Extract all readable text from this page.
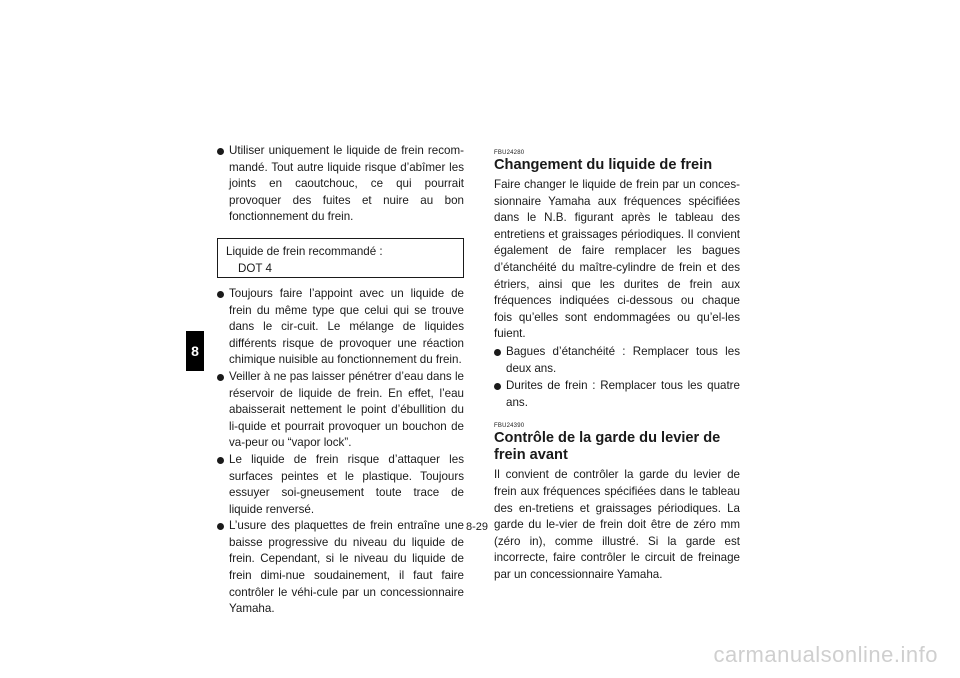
8
Utiliser uniquement le liquide de frein recom-mandé. Tout autre liquide risque d’abîmer les joints en caoutchouc, ce qui pourrait provoquer des fuites et nuire au bon fonctionnement du frein.
Liquide de frein recommandé :
DOT 4
Toujours faire l’appoint avec un liquide de frein du même type que celui qui se trouve dans le cir-cuit. Le mélange de liquides différents risque de provoquer une réaction chimique nuisible au fonctionnement du frein.
Veiller à ne pas laisser pénétrer d’eau dans le réservoir de liquide de frein. En effet, l’eau abaisserait nettement le point d’ébullition du li-quide et pourrait provoquer un bouchon de va-peur ou “vapor lock”.
Le liquide de frein risque d’attaquer les surfaces peintes et le plastique. Toujours essuyer soi-gneusement toute trace de liquide renversé.
L’usure des plaquettes de frein entraîne une baisse progressive du niveau du liquide de frein. Cependant, si le niveau du liquide de frein dimi-nue soudainement, il faut faire contrôler le véhi-cule par un concessionnaire Yamaha.
FBU24280
Changement du liquide de frein
Faire changer le liquide de frein par un conces-sionnaire Yamaha aux fréquences spécifiées dans le N.B. figurant après le tableau des entretiens et graissages périodiques. Il convient également de faire remplacer les bagues d’étanchéité du maître-cylindre de frein et des étriers, ainsi que les durites de frein aux fréquences indiquées ci-dessous ou chaque fois qu’elles sont endommagées ou qu’el-les fuient.
Bagues d’étanchéité : Remplacer tous les deux ans.
Durites de frein : Remplacer tous les quatre ans.
FBU24390
Contrôle de la garde du levier de frein avant
Il convient de contrôler la garde du levier de frein aux fréquences spécifiées dans le tableau des en-tretiens et graissages périodiques. La garde du le-vier de frein doit être de zéro mm (zéro in), comme illustré. Si la garde est incorrecte, faire contrôler le circuit de freinage par un concessionnaire Yamaha.
8-29
carmanualsonline.info
